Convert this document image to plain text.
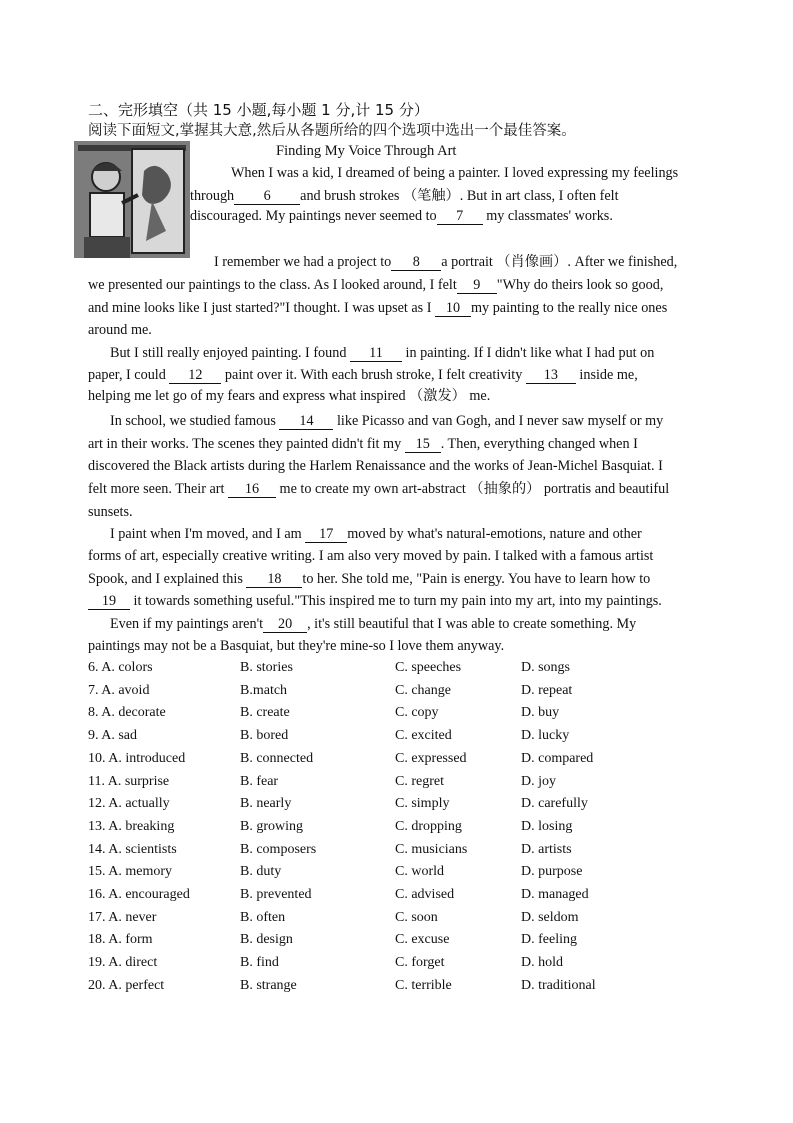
二、完形填空（共 15 小题,每小题 1 分,计 15 分）
阅读下面短文,掌握其大意,然后从各题所给的四个选项中选出一个最佳答案。
Finding My Voice Through Art
When I was a kid, I dreamed of being a painter. I loved expressing my feelings
through 6 and brush strokes （笔触）. But in art class, I often felt
discouraged. My paintings never seemed to 7 my classmates' works.
I remember we had a project to 8 a portrait （肖像画）. After we finished,
we presented our paintings to the class. As I looked around, I felt 9 "Why do theirs look so good,
and mine looks like I just started?"I thought. I was upset as I 10 my painting to the really nice ones
around me.
But I still really enjoyed painting. I found 11 in painting. If I didn't like what I had put on
paper, I could 12 paint over it. With each brush stroke, I felt creativity 13 inside me,
helping me let go of my fears and express what inspired （激发） me.
In school, we studied famous 14 like Picasso and van Gogh, and I never saw myself or my
art in their works. The scenes they painted didn't fit my 15 . Then, everything changed when I
discovered the Black artists during the Harlem Renaissance and the works of Jean-Michel Basquiat. I
felt more seen. Their art 16 me to create my own art-abstract （抽象的） portratis and beautiful
sunsets.
I paint when I'm moved, and I am 17 moved by what's natural-emotions, nature and other
forms of art, especially creative writing. I am also very moved by pain. I talked with a famous artist
Spook, and I explained this 18 to her. She told me, "Pain is energy. You have to learn how to
19 it towards something useful."This inspired me to turn my pain into my art, into my paintings.
Even if my paintings aren't 20 , it's still beautiful that I was able to create something. My
paintings may not be a Basquiat, but they're mine-so I love them anyway.
6. A. colors	B. stories	C. speeches	D. songs
7. A. avoid	B.match	C. change	D. repeat
8. A. decorate	B. create	C. copy	D. buy
9. A. sad	B. bored	C. excited	D. lucky
10. A. introduced	B. connected	C. expressed	D. compared
11. A. surprise	B. fear	C. regret	D. joy
12. A. actually	B. nearly	C. simply	D. carefully
13. A. breaking	B. growing	C. dropping	D. losing
14. A. scientists	B. composers	C. musicians	D. artists
15. A. memory	B. duty	C. world	D. purpose
16. A. encouraged	B. prevented	C. advised	D. managed
17. A. never	B. often	C. soon	D. seldom
18. A. form	B. design	C. excuse	D. feeling
19. A. direct	B. find	C. forget	D. hold
20. A. perfect	B. strange	C. terrible	D. traditional
